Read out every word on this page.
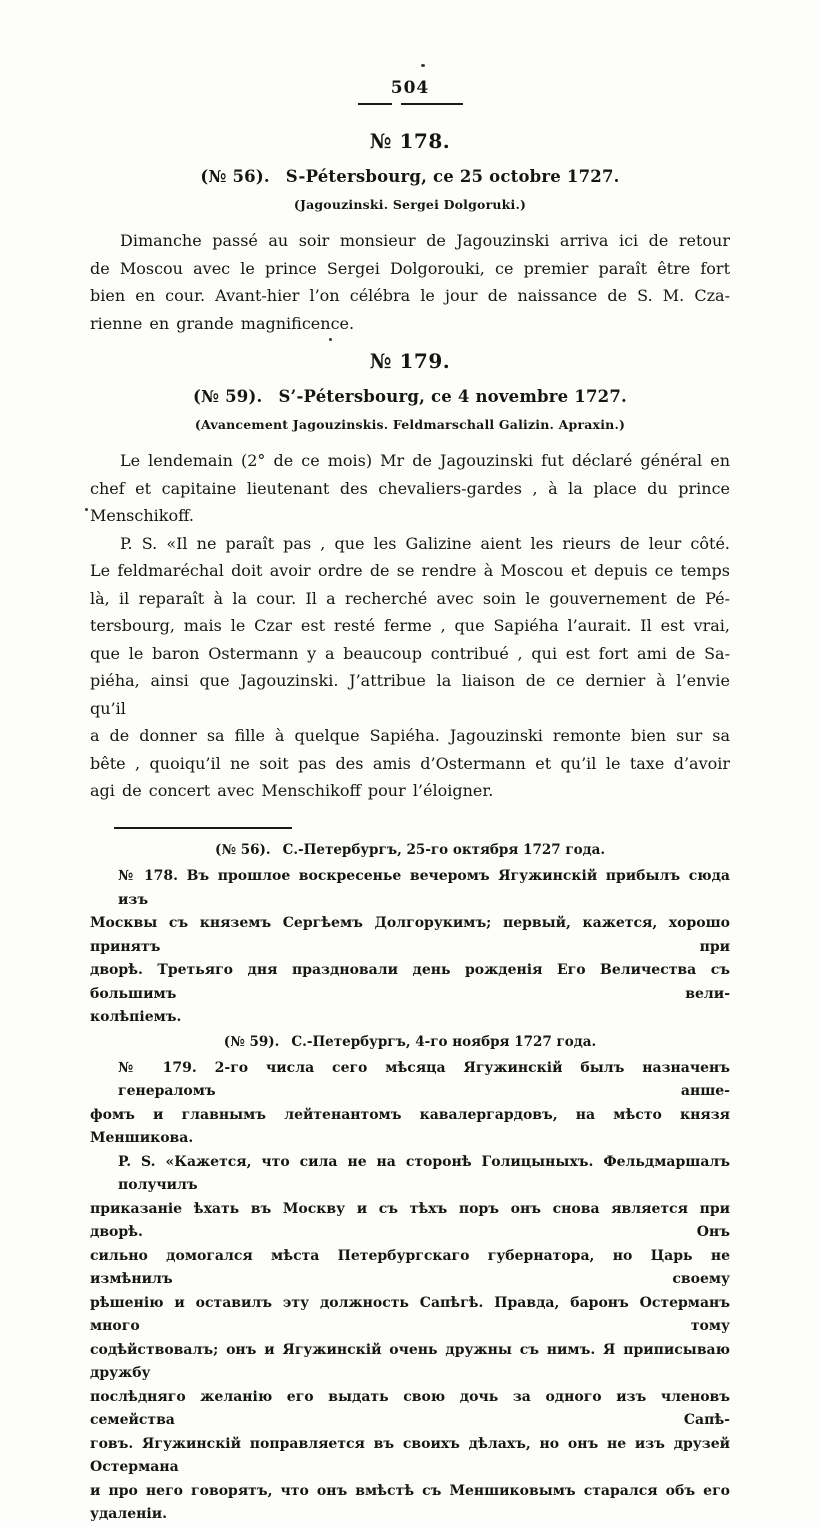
504
№ 178.
(№ 56). S-Pétersbourg, ce 25 octobre 1727.
(Jagouzinski. Sergei Dolgoruki.)
Dimanche passé au soir monsieur de Jagouzinski arriva ici de retour
de Moscou avec le prince Sergei Dolgorouki, ce premier paraît être fort
bien en cour. Avant-hier l’on célébra le jour de naissance de S. M. Cza-
rienne en grande magnificence.
№ 179.
(№ 59). S’-Pétersbourg, ce 4 novembre 1727.
(Avancement Jagouzinskis. Feldmarschall Galizin. Apraxin.)
Le lendemain (2° de ce mois) Mr de Jagouzinski fut déclaré général en
chef et capitaine lieutenant des chevaliers-gardes , à la place du prince
Menschikoff.
P. S. «Il ne paraît pas , que les Galizine aient les rieurs de leur côté.
Le feldmaréchal doit avoir ordre de se rendre à Moscou et depuis ce temps
là, il reparaît à la cour. Il a recherché avec soin le gouvernement de Pé-
tersbourg, mais le Czar est resté ferme , que Sapiéha l’aurait. Il est vrai,
que le baron Ostermann y a beaucoup contribué , qui est fort ami de Sa-
piéha, ainsi que Jagouzinski. J’attribue la liaison de ce dernier à l’envie qu’il
a de donner sa fille à quelque Sapiéha. Jagouzinski remonte bien sur sa
bête , quoiqu’il ne soit pas des amis d’Ostermann et qu’il le taxe d’avoir
agi de concert avec Menschikoff pour l’éloigner.
(№ 56). С.-Петербургъ, 25-го октября 1727 года.
№ 178. Въ прошлое воскресенье вечеромъ Ягужинскій прибылъ сюда изъ
Москвы съ княземъ Сергѣемъ Долгорукимъ; первый, кажется, хорошо принятъ при
дворѣ. Третьяго дня праздновали день рожденія Его Величества съ большимъ вели-
колѣпіемъ.
(№ 59). С.-Петербургъ, 4-го ноября 1727 года.
№ 179. 2-го числа сего мѣсяца Ягужинскій былъ назначенъ генераломъ анше-
фомъ и главнымъ лейтенантомъ кавалергардовъ, на мѣсто князя Меншикова.
P. S. «Кажется, что сила не на сторонѣ Голицыныхъ. Фельдмаршалъ получилъ
приказаніе ѣхать въ Москву и съ тѣхъ поръ онъ снова является при дворѣ. Онъ
сильно домогался мѣста Петербургскаго губернатора, но Царь не измѣнилъ своему
рѣшенію и оставилъ эту должность Сапѣгѣ. Правда, баронъ Остерманъ много тому
содѣйствовалъ; онъ и Ягужинскій очень дружны съ нимъ. Я приписываю дружбу
послѣдняго желанію его выдать свою дочь за одного изъ членовъ семейства Сапѣ-
говъ. Ягужинскій поправляется въ своихъ дѣлахъ, но онъ не изъ друзей Остермана
и про него говорятъ, что онъ вмѣстѣ съ Меншиковымъ старался объ его удаленіи.
